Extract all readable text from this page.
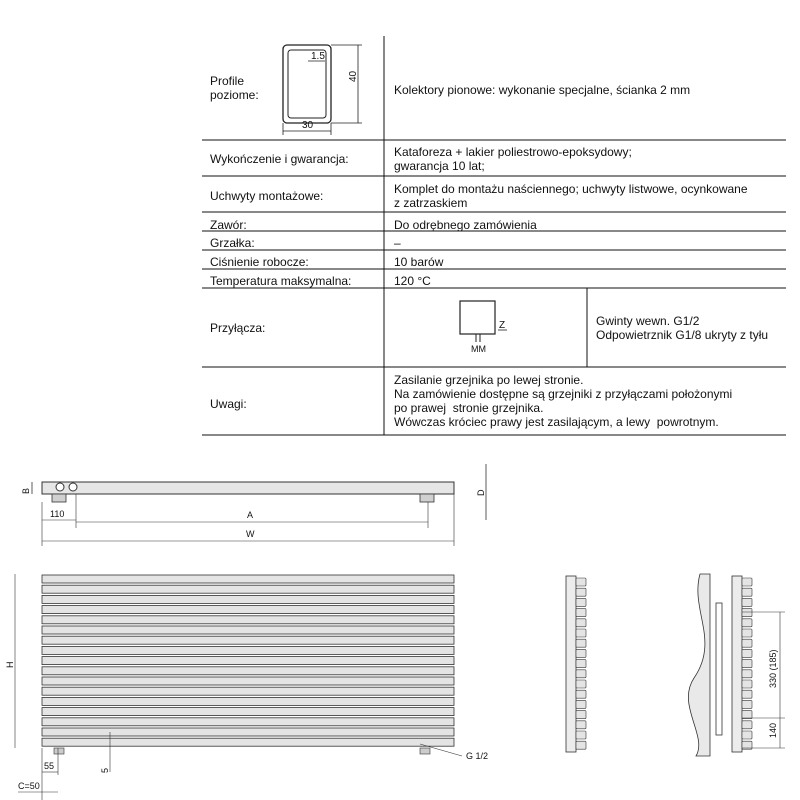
1.5
40
30
Z
MM
Profile
poziome:	Kolektory pionowe: wykonanie specjalne, ścianka 2 mm
Wykończenie i gwarancja:	Kataforeza + lakier poliestrowo-epoksydowy;
gwarancja 10 lat;
Uchwyty montażowe:	Komplet do montażu naściennego; uchwyty listwowe, ocynkowane
z zatrzaskiem
Zawór:	Do odrębnego zamówienia
Grzałka:	–
Ciśnienie robocze:	10 barów
Temperatura maksymalna:	120 °C
Przyłącza:	Gwinty wewn. G1/2
Odpowietrznik G1/8 ukryty z tyłu
Uwagi:
Zasilanie grzejnika po lewej stronie.
Na zamówienie dostępne są grzejniki z przyłączami położonymi
po prawej  stronie grzejnika.
Wówczas króciec prawy jest zasilającym, a lewy  powrotnym.
B	D
110	A
W
H
55
C=50
5
G 1/2
330 (185)
140
